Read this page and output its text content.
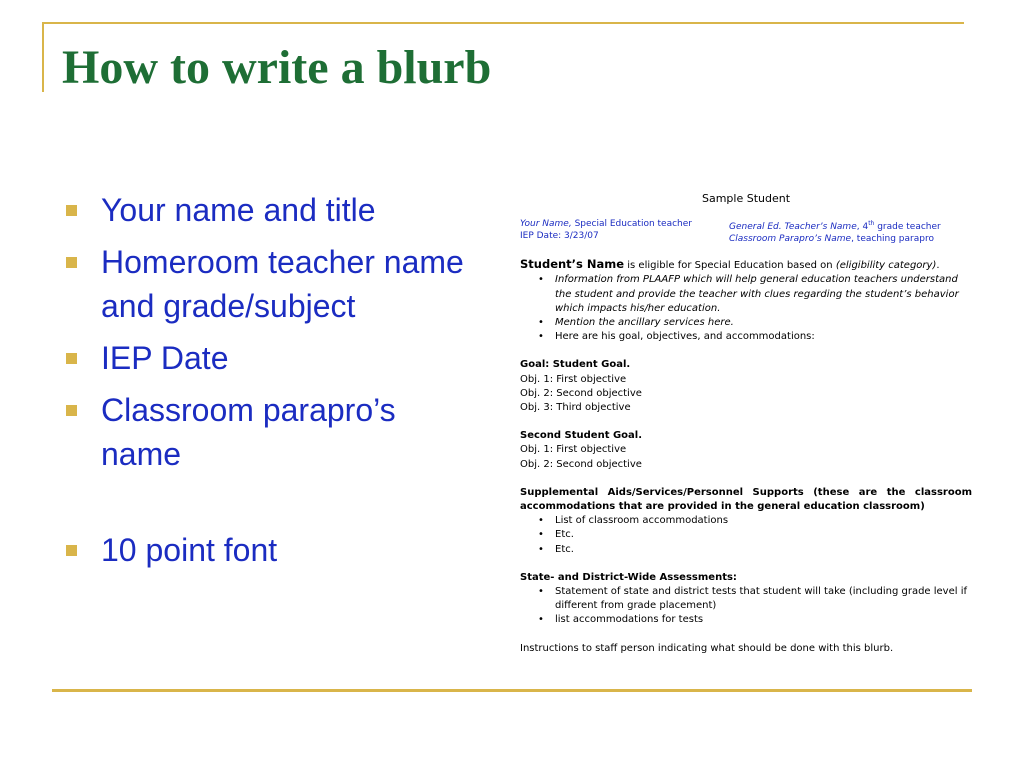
How to write a blurb
Your name and title
Homeroom teacher name and grade/subject
IEP Date
Classroom parapro’s name
10 point font
Sample Student
Your Name, Special Education teacher
IEP Date: 3/23/07
General Ed. Teacher’s Name, 4th grade teacher
Classroom Parapro’s Name, teaching parapro

Student’s Name is eligible for Special Education based on (eligibility category).

• Information from PLAAFP which will help general education teachers understand the student and provide the teacher with clues regarding the student’s behavior which impacts his/her education.
• Mention the ancillary services here.
• Here are his goal, objectives, and accommodations:

Goal: Student Goal.

Obj. 1: First objective

Obj. 2: Second objective

Obj. 3: Third objective

Second Student Goal.

Obj. 1: First objective

Obj. 2: Second objective

Supplemental Aids/Services/Personnel Supports (these are the classroom accommodations that are provided in the general education classroom)

• List of classroom accommodations
• Etc.
• Etc.

State- and District-Wide Assessments:

• Statement of state and district tests that student will take (including grade level if different from grade placement)
• list accommodations for tests

Instructions to staff person indicating what should be done with this blurb.
